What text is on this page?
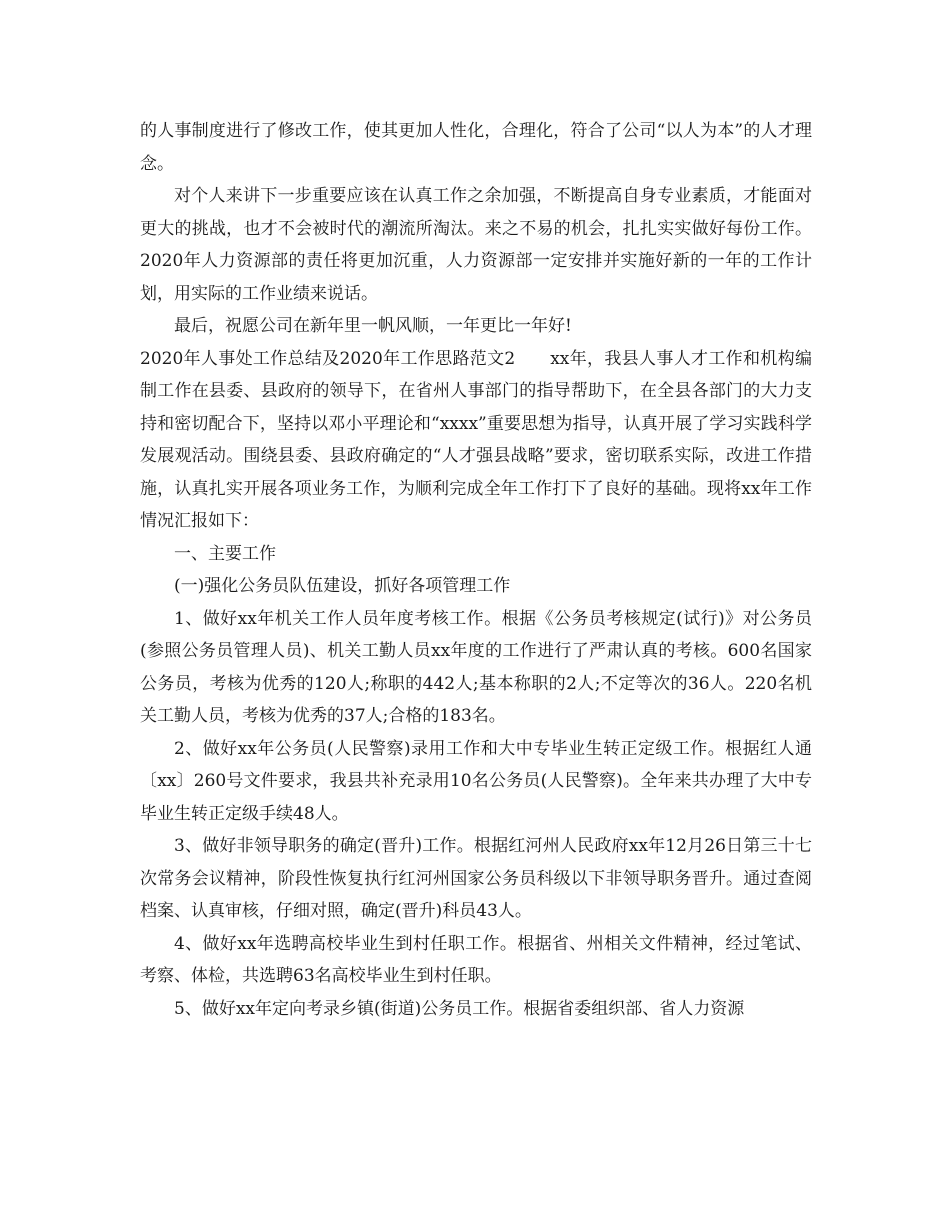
的人事制度进行了修改工作，使其更加人性化，合理化，符合了公司“以人为本”的人才理念。

对个人来讲下一步重要应该在认真工作之余加强，不断提高自身专业素质，才能面对更大的挑战，也才不会被时代的潮流所淘汰。来之不易的机会，扎扎实实做好每份工作。2020年人力资源部的责任将更加沉重，人力资源部一定安排并实施好新的一年的工作计划，用实际的工作业绩来说话。

最后，祝愿公司在新年里一帆风顺，一年更比一年好!

2020年人事处工作总结及2020年工作思路范文2　　xx年，我县人事人才工作和机构编制工作在县委、县政府的领导下，在省州人事部门的指导帮助下，在全县各部门的大力支持和密切配合下，坚持以邓小平理论和“xxxx”重要思想为指导，认真开展了学习实践科学发展观活动。围绕县委、县政府确定的“人才强县战略”要求，密切联系实际，改进工作措施，认真扎实开展各项业务工作，为顺利完成全年工作打下了良好的基础。现将xx年工作情况汇报如下：

一、主要工作

(一)强化公务员队伍建设，抓好各项管理工作

1、做好xx年机关工作人员年度考核工作。根据《公务员考核规定(试行)》对公务员(参照公务员管理人员)、机关工勤人员xx年度的工作进行了严肃认真的考核。600名国家公务员，考核为优秀的120人;称职的442人;基本称职的2人;不定等次的36人。220名机关工勤人员，考核为优秀的37人;合格的183名。

2、做好xx年公务员(人民警察)录用工作和大中专毕业生转正定级工作。根据红人通〔xx〕260号文件要求，我县共补充录用10名公务员(人民警察)。全年来共办理了大中专毕业生转正定级手续48人。

3、做好非领导职务的确定(晋升)工作。根据红河州人民政府xx年12月26日第三十七次常务会议精神，阶段性恢复执行红河州国家公务员科级以下非领导职务晋升。通过查阅档案、认真审核，仔细对照，确定(晋升)科员43人。

4、做好xx年选聘高校毕业生到村任职工作。根据省、州相关文件精神，经过笔试、考察、体检，共选聘63名高校毕业生到村任职。

5、做好xx年定向考录乡镇(街道)公务员工作。根据省委组织部、省人力资源
